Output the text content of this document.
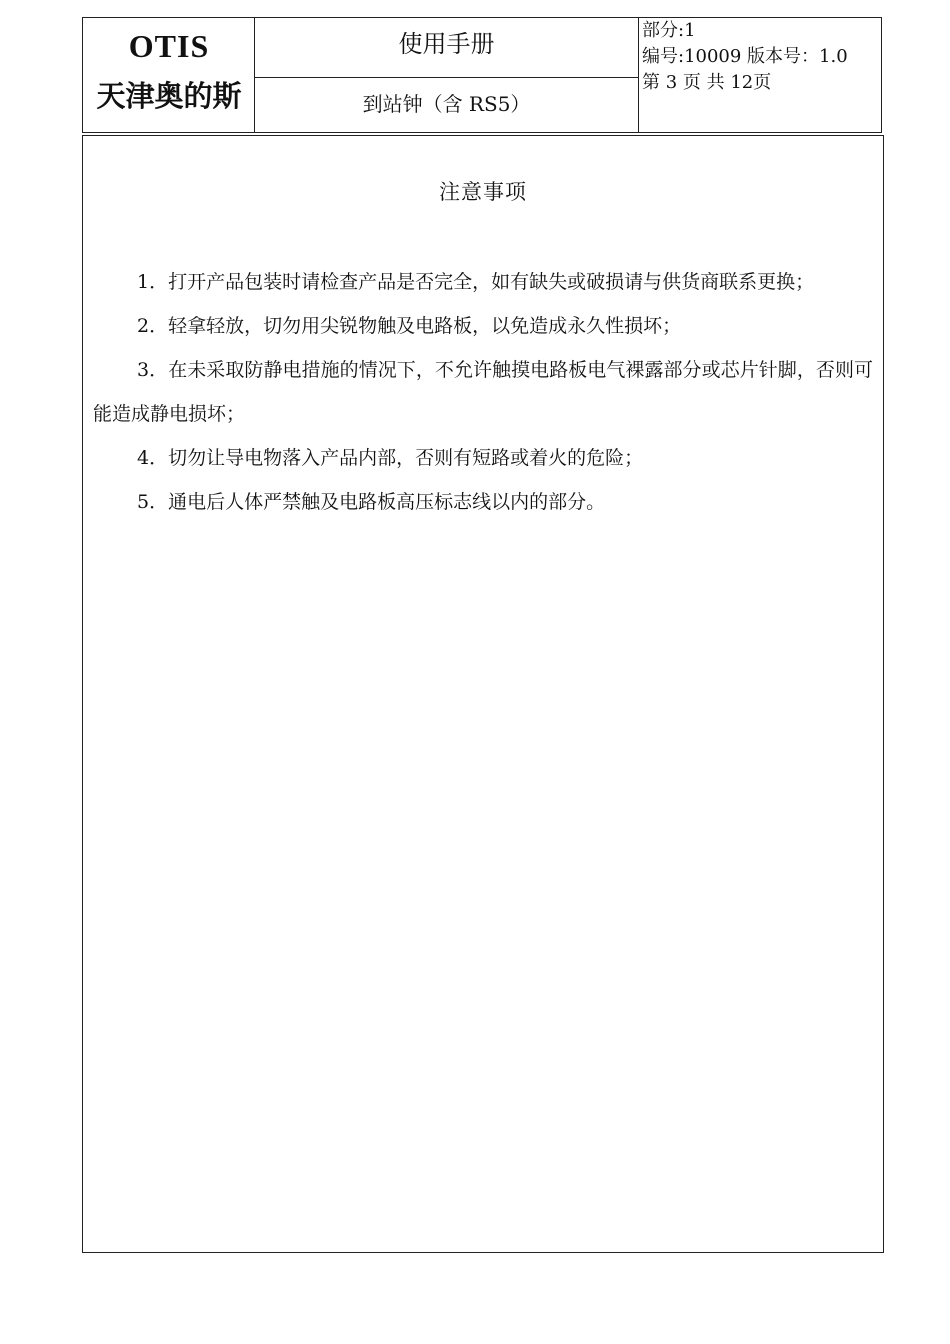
OTIS
天津奥的斯
使用手册
到站钟（含 RS5）
部分:1
编号:10009 版本号：1.0
第 3 页 共 12页
注意事项

1．打开产品包装时请检查产品是否完全，如有缺失或破损请与供货商联系更换；

2．轻拿轻放，切勿用尖锐物触及电路板，以免造成永久性损坏；

3．在未采取防静电措施的情况下，不允许触摸电路板电气裸露部分或芯片针脚，否则可能造成静电损坏；

4．切勿让导电物落入产品内部，否则有短路或着火的危险；

5．通电后人体严禁触及电路板高压标志线以内的部分。
